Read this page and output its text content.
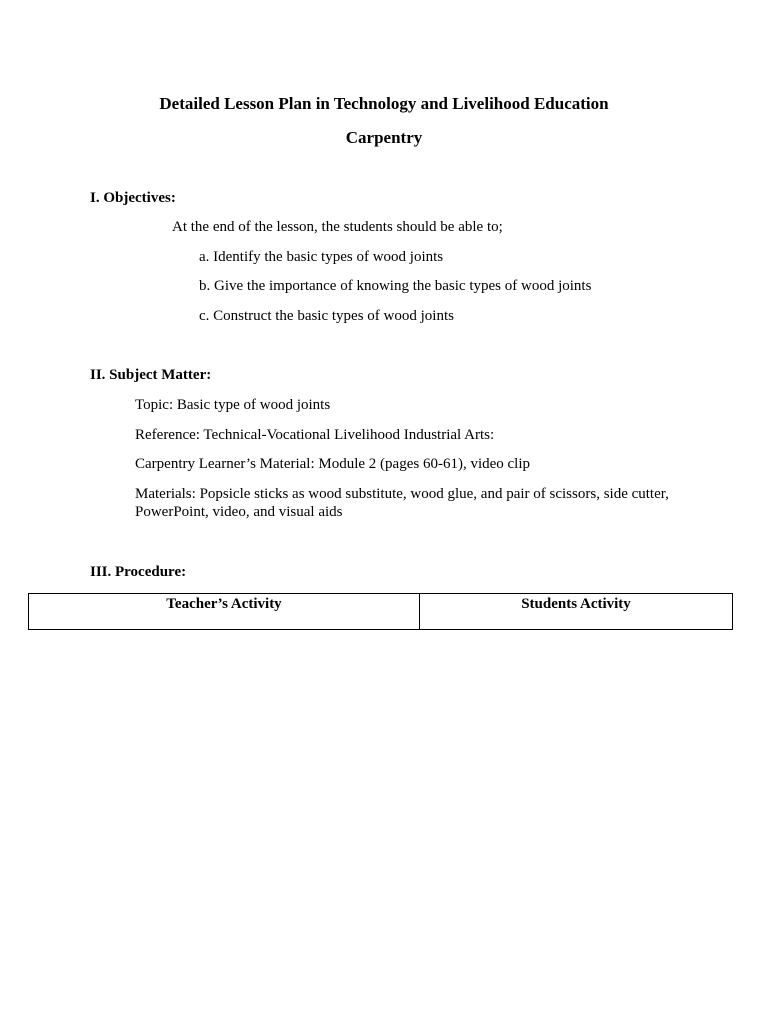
Detailed Lesson Plan in Technology and Livelihood Education
Carpentry
I. Objectives:
At the end of the lesson, the students should be able to;
a. Identify the basic types of wood joints
b. Give the importance of knowing the basic types of wood joints
c. Construct the basic types of wood joints
II. Subject Matter:
Topic: Basic type of wood joints
Reference: Technical-Vocational Livelihood Industrial Arts:
Carpentry Learner’s Material: Module 2 (pages 60-61), video clip
Materials: Popsicle sticks as wood substitute, wood glue, and pair of scissors, side cutter, PowerPoint, video, and visual aids
III. Procedure:
Teacher’s Activity	Students Activity
